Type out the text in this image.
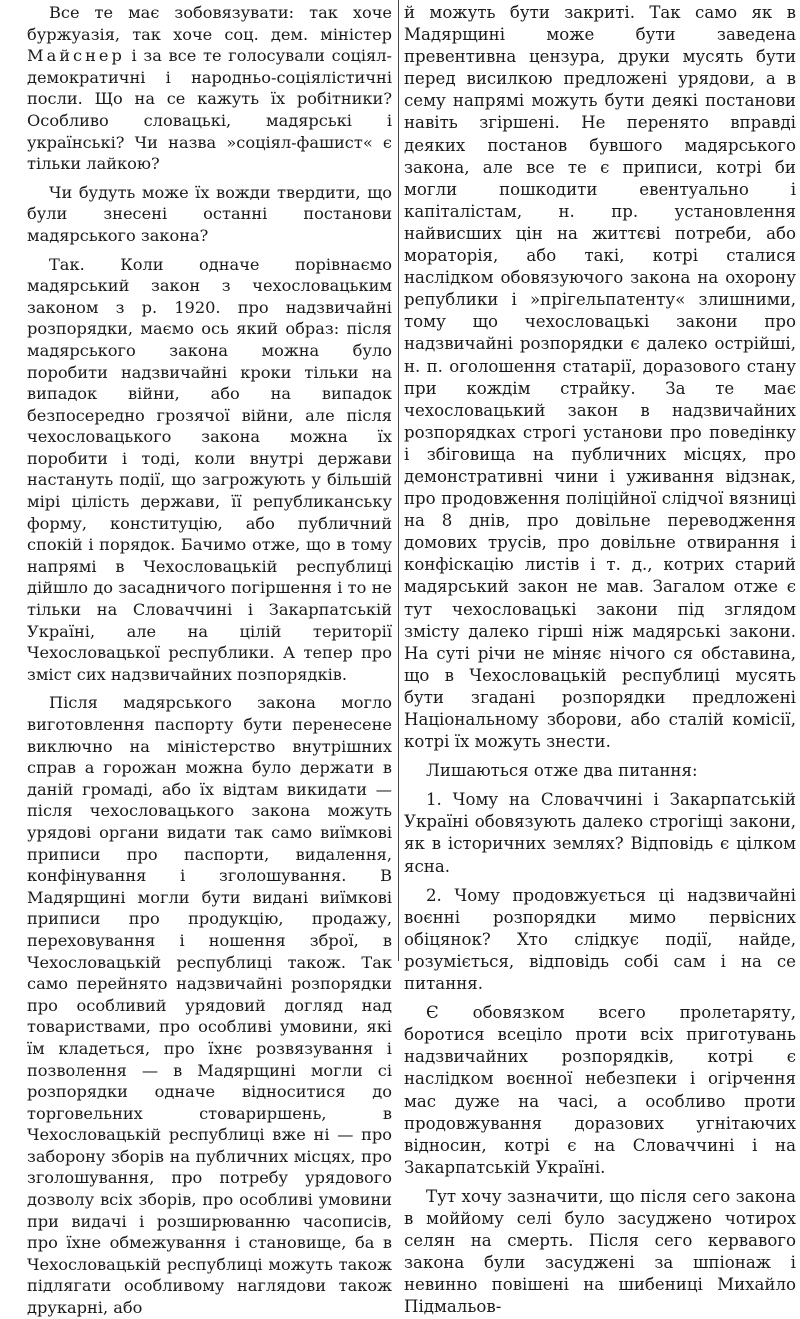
Все те має зобовязувати: так хоче буржуазія, так хоче соц. дем. міністер Майснер і за все те голосували соціял-демократичні і народньо-соціялістичні посли. Що на се кажуть їх робітники? Особливо словацькі, мадярські і українські? Чи назва »соціял-фашист« є тільки лайкою?

Чи будуть може їх вожди твердити, що були знесені останні постанови мадярського закона?

Так. Коли одначе порівнаємо мадярський закон з чехословацьким законом з р. 1920. про надзвичайні розпорядки, маємо ось який образ: після мадярського закона можна було поробити надзвичайні кроки тільки на випадок війни, або на випадок безпосередно грозячої війни, але після чехословацького закона можна їх поробити і тоді, коли внутрі держави настануть події, що загрожують у більшій мірі цілість держави, її републиканську форму, конституцію, або публичний спокій і порядок. Бачимо отже, що в тому напрямі в Чехословацькій республиці дійшло до засадничого погіршення і то не тільки на Словаччині і Закарпатській Україні, але на цілій території Чехословацької республики. А тепер про зміст сих надзвичайних позпорядків.

Після мадярського закона могло виготовлення паспорту бути перенесене виключно на міністерство внутрішних справ а горожан можна було держати в даній громаді, або їх відтам викидати — після чехословацького закона можуть урядові органи видати так само виїмкові приписи про паспорти, видалення, конфінування і зголошування. В Мадярщині могли бути видані виїмкові приписи про продукцію, продажу, переховування і ношення зброї, в Чехословацькій республиці також. Так само перейнято надзвичайні розпорядки про особливий урядовий догляд над товариствами, про особливі умовини, які їм кладеться, про їхнє розвязування і позволення — в Мадярщині могли сі розпорядки одначе відноситися до торговельних стовариршень, в Чехословацькій республиці вже ні — про заборону зборів на публичних місцях, про зголошування, про потребу урядового дозволу всіх зборів, про особливі умовини при видачі і розширюванню часописів, про їхне обмежування і становище, ба в Чехословацькій республиці можуть також підлягати особливому наглядови також друкарні, або

й можуть бути закриті. Так само як в Мадярщині може бути заведена превентивна цензура, друки мусять бути перед висилкою предложені урядови, а в сему напрямі можуть бути деякі постанови навіть згіршені. Не перенято вправді деяких постанов бувшого мадярського закона, але все те є приписи, котрі би могли пошкодити евентуально і капіталістам, н. пр. установлення найвисших цін на життєві потреби, або мораторія, або такі, котрі сталися наслідком обовязуючого закона на охорону републики і »прігельпатенту« злишними, тому що чехословацькі закони про надзвичайні розпорядки є далеко острійші, н. п. оголошення статарії, доразового стану при кождім страйку. За те має чехословацький закон в надзвичайних розпорядках строгі установи про поведінку і збіговища на публичних місцях, про демонстративні чини і уживання відзнак, про продовження поліційної слідчої вязниці на 8 днів, про довільне переводження домових трусів, про довільне отвирання і конфіскацію листів і т. д., котрих старий мадярський закон не мав. Загалом отже є тут чехословацькі закони під зглядом змісту далеко гірші ніж мадярські закони. На суті річи не міняє нічого ся обставина, що в Чехословацькій республиці мусять бути згадані розпорядки предложені Національному зборови, або сталій комісії, котрі їх можуть знести.

Лишаються отже два питання:

1. Чому на Словаччині і Закарпатській Україні обовязують далеко строгіщі закони, як в історичних землях? Відповідь є цілком ясна.

2. Чому продовжується ці надзвичайні воєнні розпорядки мимо первісних обіцянок? Хто слідкує події, найде, розуміється, відповідь собі сам і на се питання.

Є обовязком всего пролетаряту, боротися всеціло проти всіх приготувань надзвичайних розпорядків, котрі є наслідком воєнної небезпеки і огірчення мас дуже на часі, а особливо проти продовжування доразових угнітаючих відносин, котрі є на Словаччині і на Закарпатській Україні.

Тут хочу зазначити, що після сего закона в моййому селі було засуджено чотирох селян на смерть. Після сего кервавого закона були засуджені за шпіонаж і невинно повішені на шибениці Михайло Підмальов-
